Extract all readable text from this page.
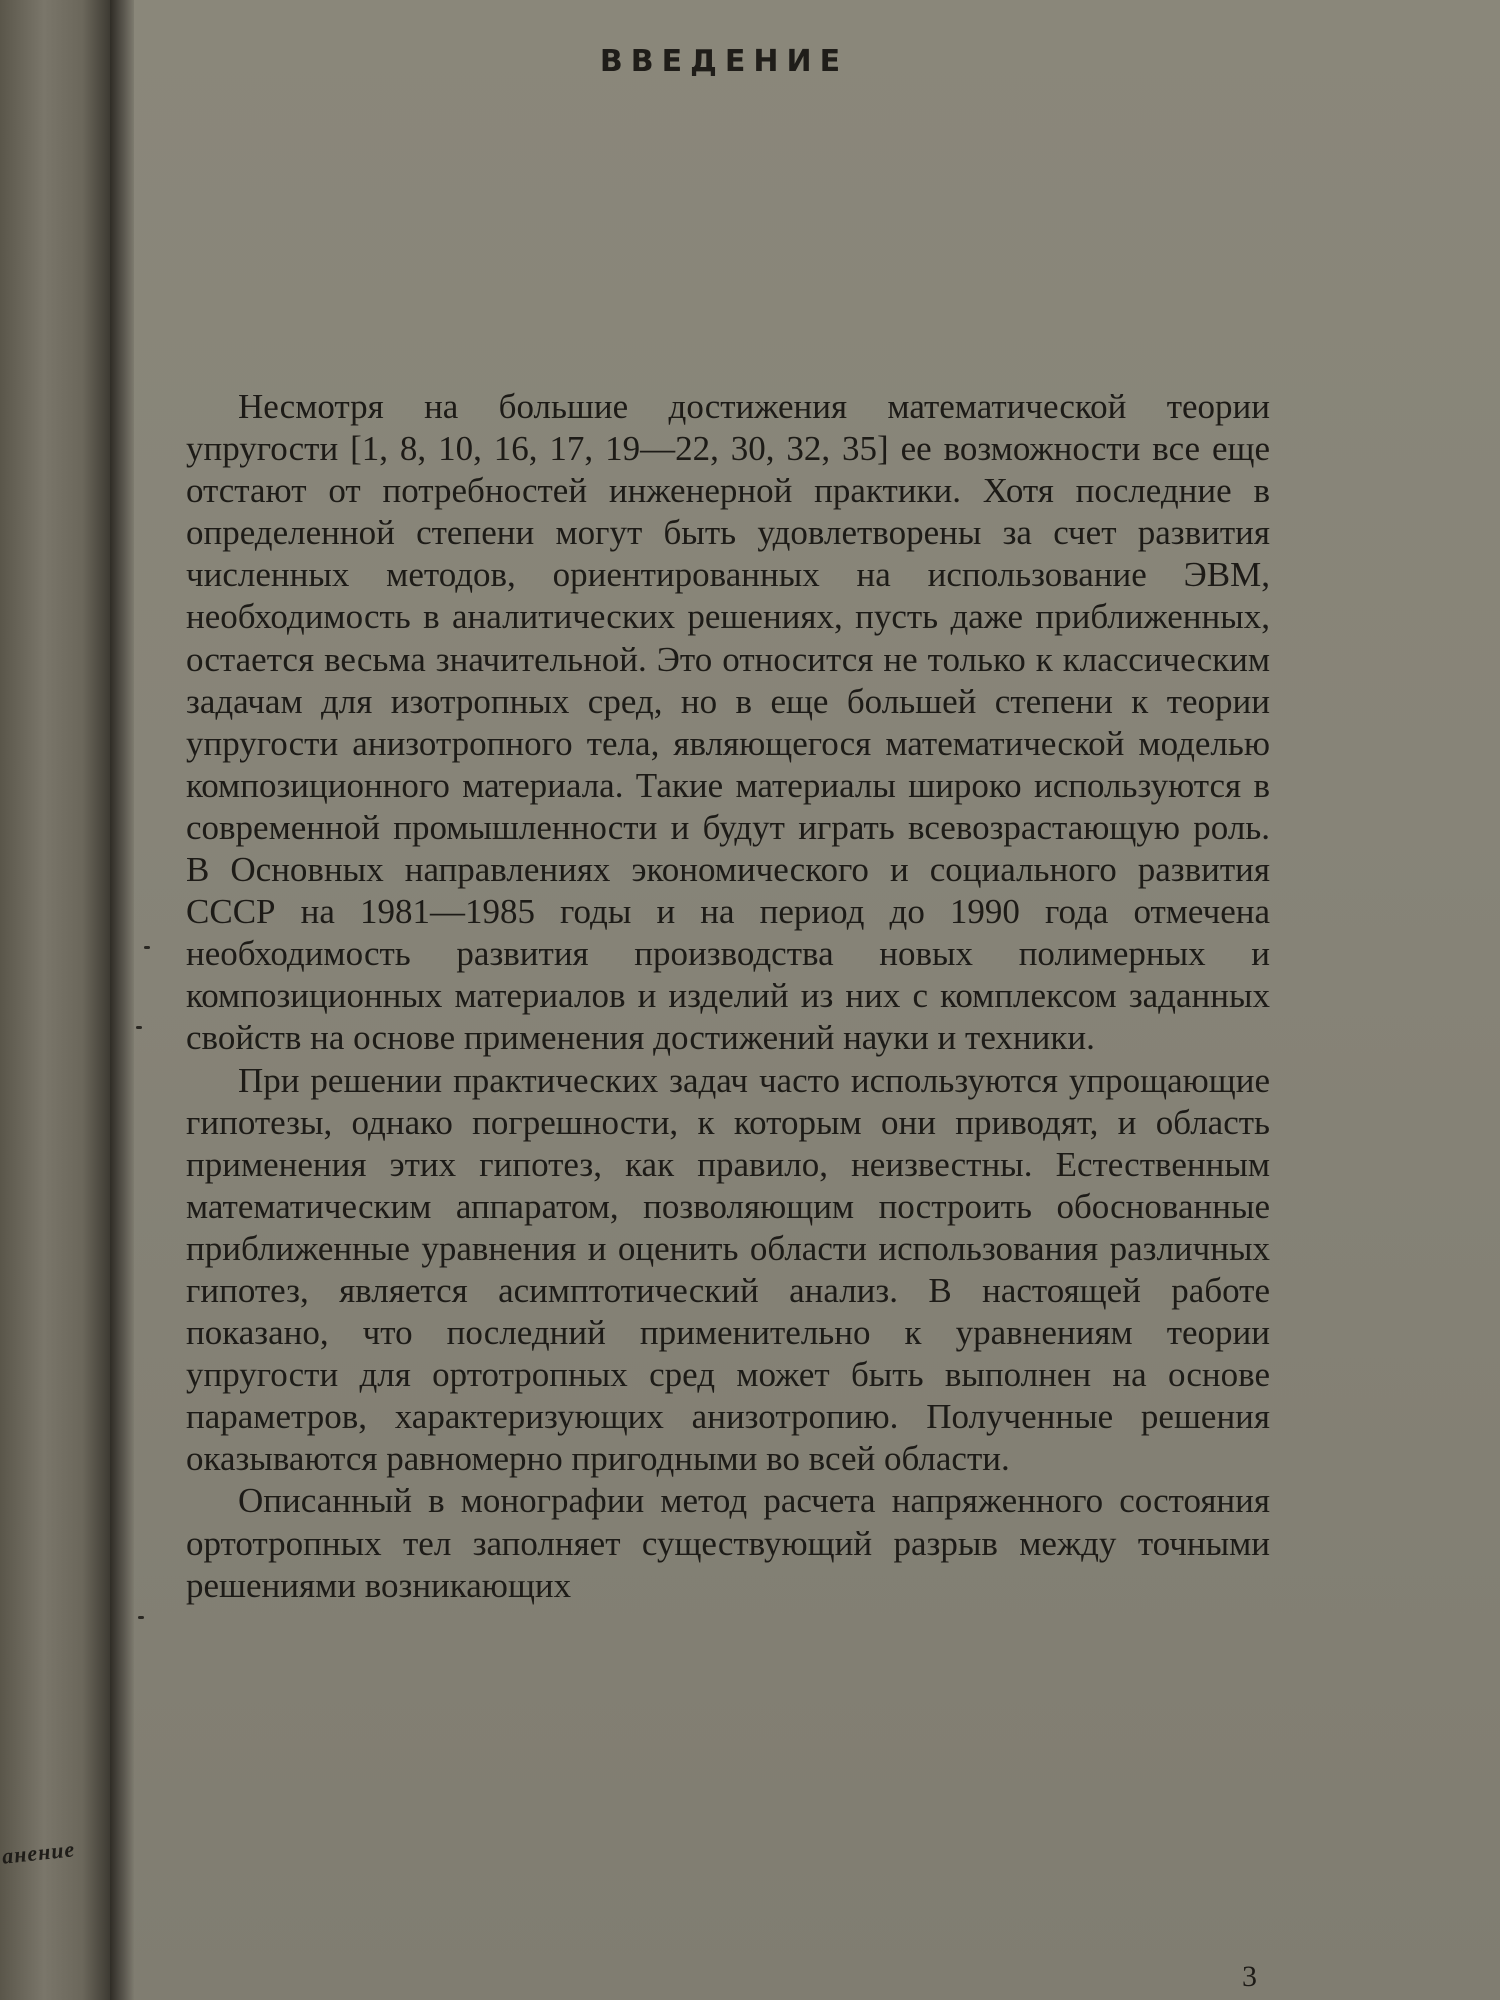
анение
ВВЕДЕНИЕ

Несмотря на большие достижения математической теории упругости [1, 8, 10, 16, 17, 19—22, 30, 32, 35] ее возможности все еще отстают от потребностей инженерной практики. Хотя последние в определенной степени могут быть удовлетворены за счет развития численных методов, ориентированных на использование ЭВМ, необходимость в аналитических решениях, пусть даже приближенных, остается весьма значительной. Это относится не только к классическим задачам для изотропных сред, но в еще большей степени к теории упругости анизотропного тела, являющегося математической моделью композиционного материала. Такие материалы широко используются в современной промышленности и будут играть всевозрастающую роль. В Основных направлениях экономического и социального развития СССР на 1981—1985 годы и на период до 1990 года отмечена необходимость развития производства новых полимерных и композиционных материалов и изделий из них с комплексом заданных свойств на основе применения достижений науки и техники.

При решении практических задач часто используются упрощающие гипотезы, однако погрешности, к которым они приводят, и область применения этих гипотез, как правило, неизвестны. Естественным математическим аппаратом, позволяющим построить обоснованные приближенные уравнения и оценить области использования различных гипотез, является асимптотический анализ. В настоящей работе показано, что последний применительно к уравнениям теории упругости для ортотропных сред может быть выполнен на основе параметров, характеризующих анизотропию. Полученные решения оказываются равномерно пригодными во всей области.

Описанный в монографии метод расчета напряженного состояния ортотропных тел заполняет существующий разрыв между точными решениями возникающих

3
